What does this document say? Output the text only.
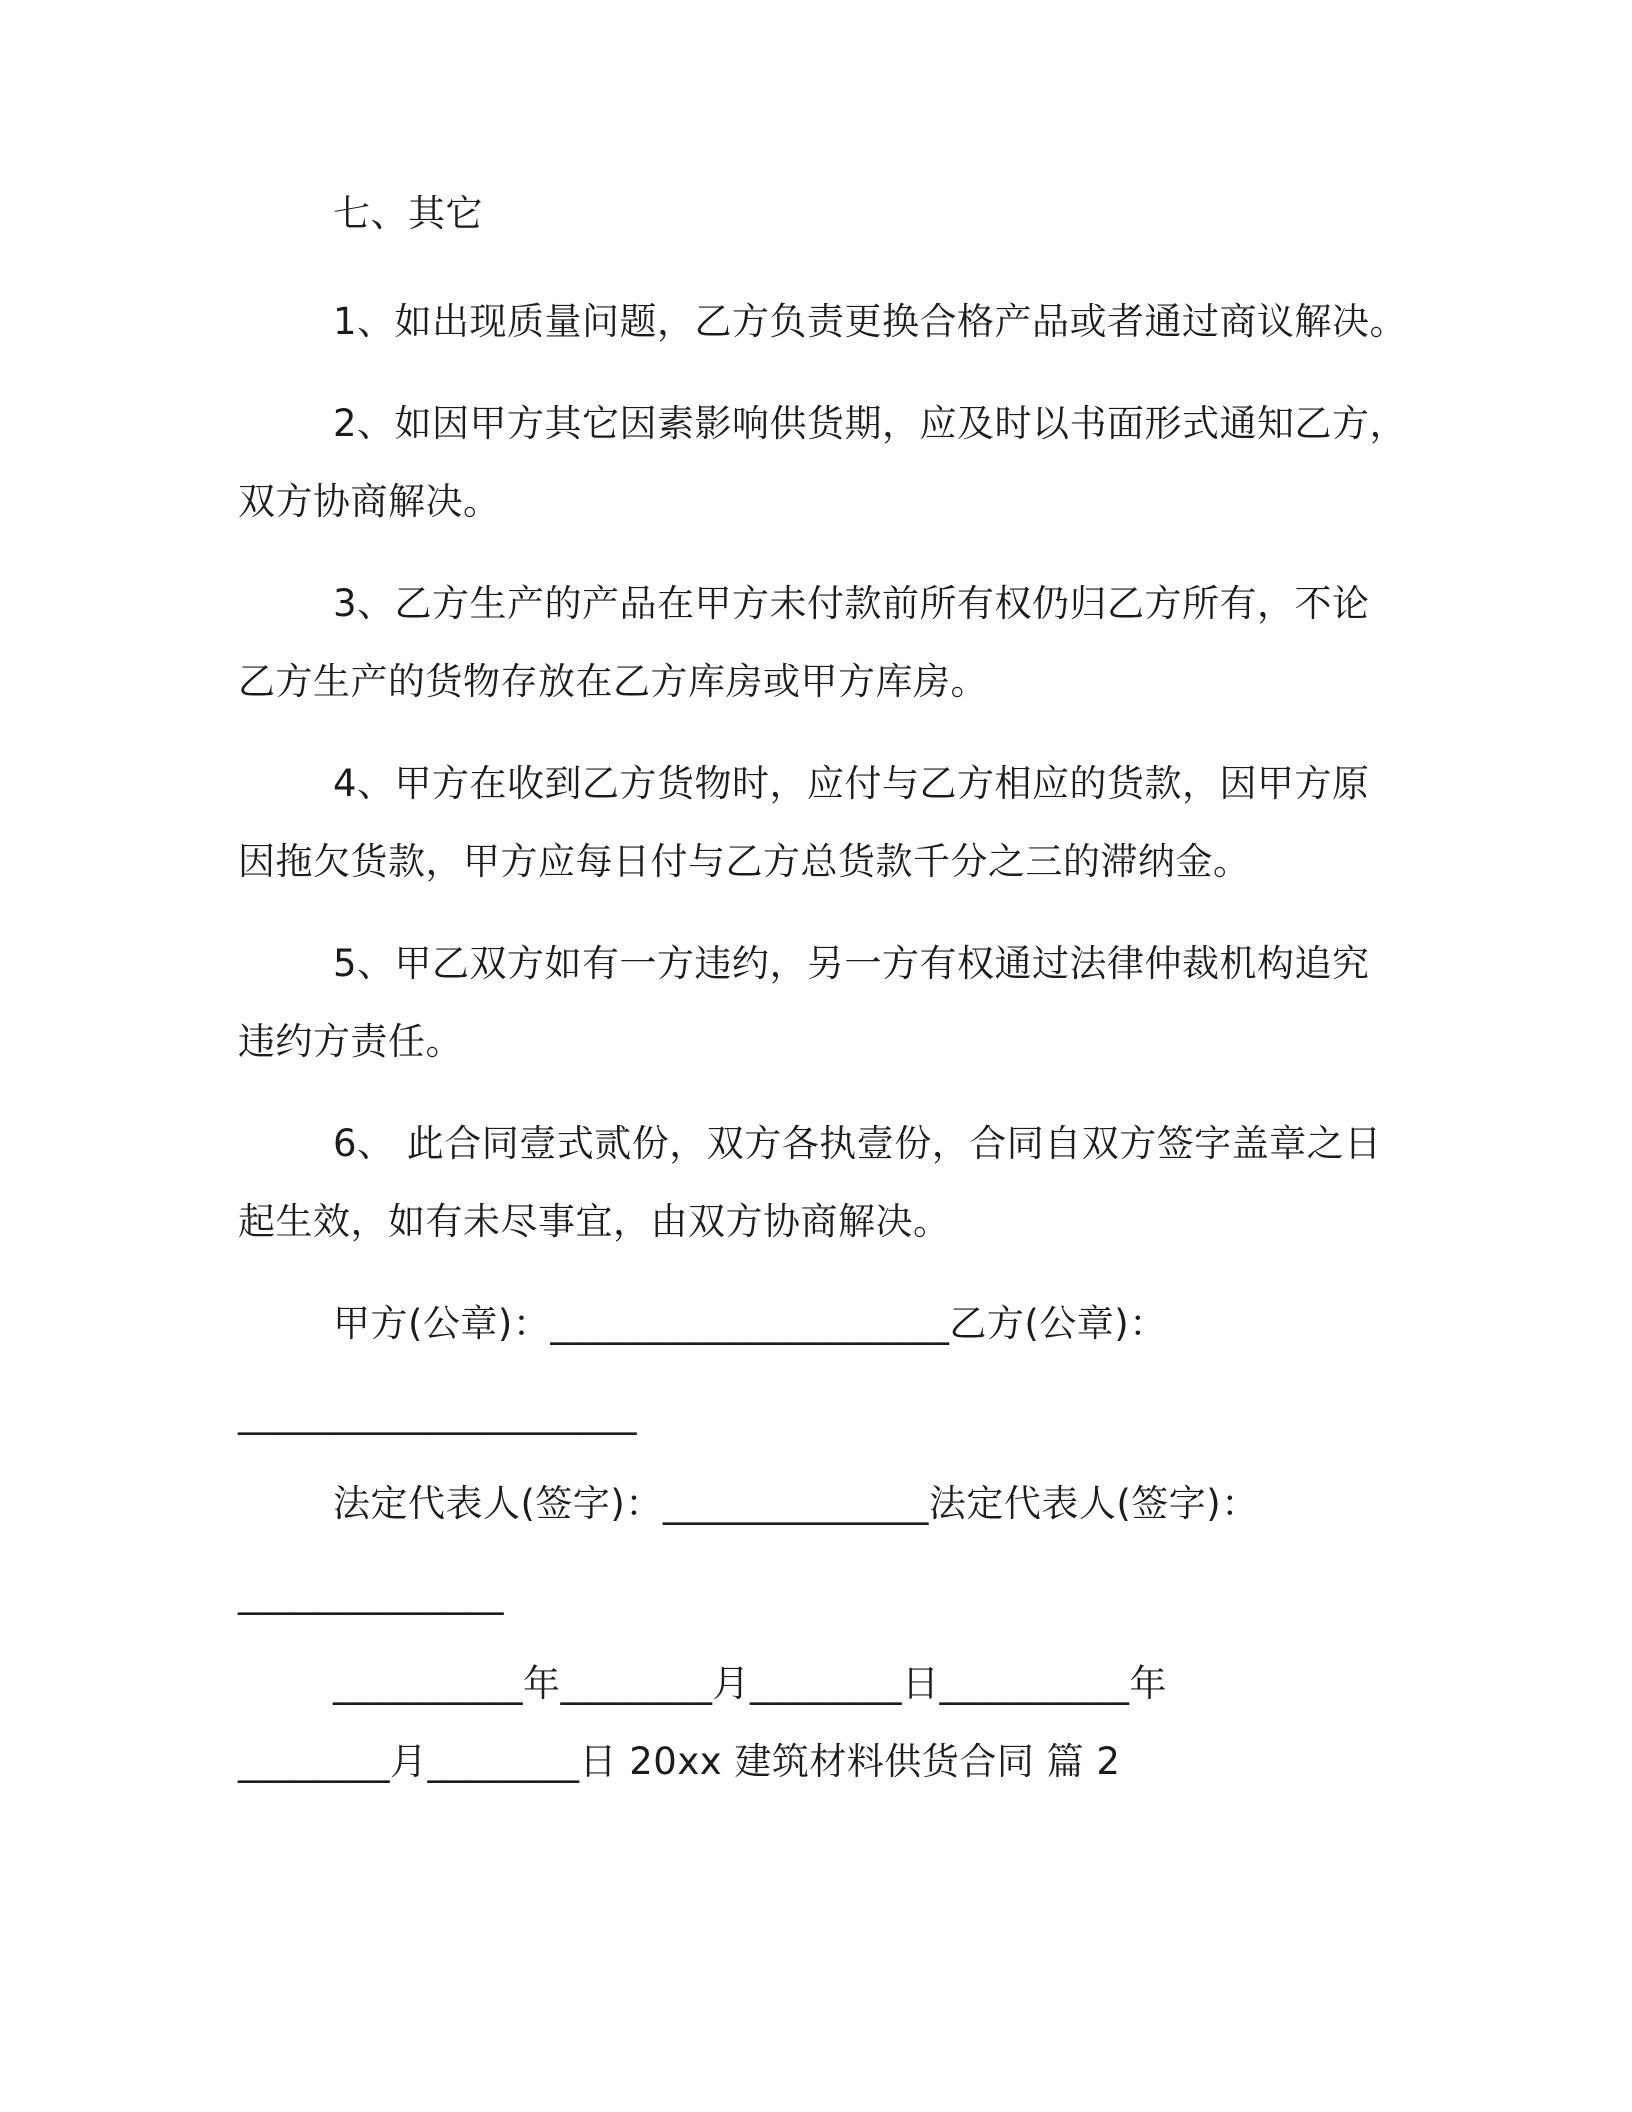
七、其它
1、如出现质量问题，乙方负责更换合格产品或者通过商议解决。
2、如因甲方其它因素影响供货期，应及时以书面形式通知乙方，
双方协商解决。
3、乙方生产的产品在甲方未付款前所有权仍归乙方所有，不论
乙方生产的货物存放在乙方库房或甲方库房。
4、甲方在收到乙方货物时，应付与乙方相应的货款，因甲方原
因拖欠货款，甲方应每日付与乙方总货款千分之三的滞纳金。
5、甲乙双方如有一方违约，另一方有权通过法律仲裁机构追究
违约方责任。
6、 此合同壹式贰份，双方各执壹份，合同自双方签字盖章之日
起生效，如有未尽事宜，由双方协商解决。
甲方(公章)：_____________________乙方(公章)：
_____________________
法定代表人(签字)：______________法定代表人(签字)：
______________
__________年________月________日__________年
________月________日 20xx 建筑材料供货合同 篇 2
